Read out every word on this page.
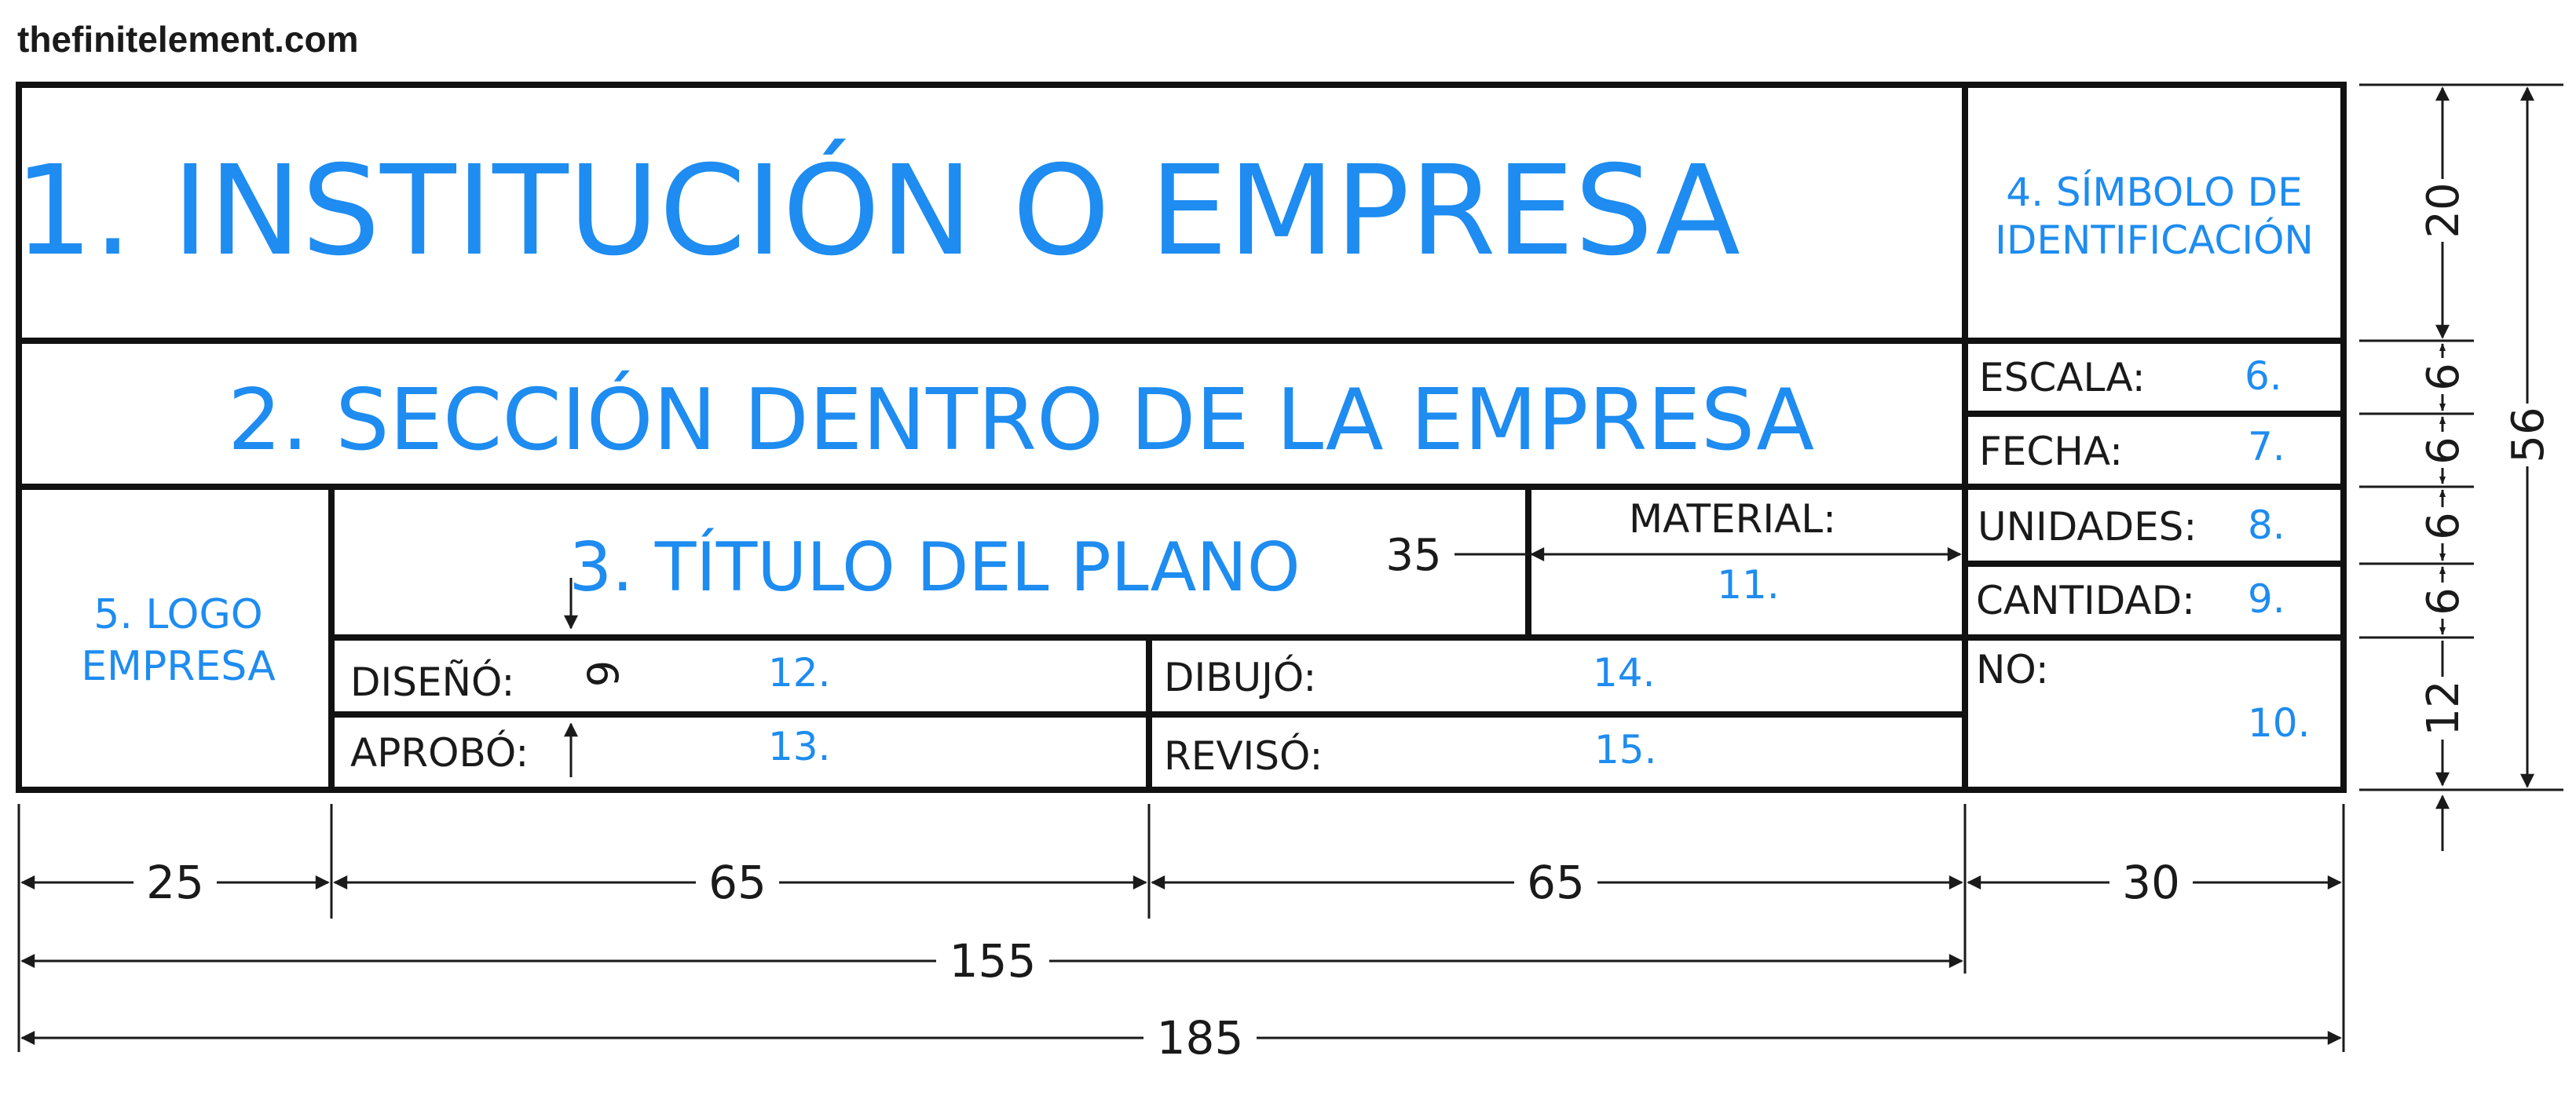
thefinitelement.com
1. INSTITUCIÓN O EMPRESA	4. SÍMBOLO DE
IDENTIFICACIÓN
2. SECCIÓN DENTRO DE LA EMPRESA
5. LOGO
EMPRESA
3. TÍTULO DEL PLANO
MATERIAL:
11.
ESCALA:	6.
FECHA:	7.
UNIDADES: 8.
CANTIDAD: 9.
NO:
10.
DISEÑÓ:	12.
APROBÓ:	13.
DIBUJÓ:	14.
REVISÓ:	15.
35
6
25	65	65	30
155
185
20
6
6
6
6
12
56
